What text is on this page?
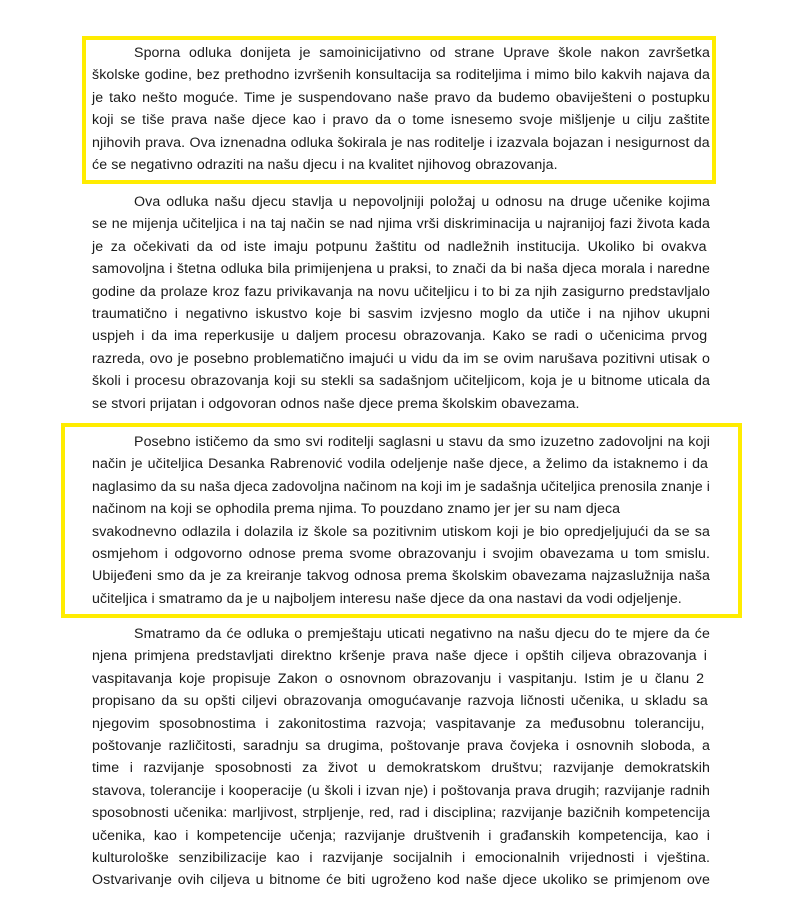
Sporna odluka donijeta je samoinicijativno od strane Uprave škole nakon završetka
školske godine, bez prethodno izvršenih konsultacija sa roditeljima i mimo bilo kakvih najava da
je tako nešto moguće. Time je suspendovano naše pravo da budemo obaviješteni o postupku
koji se tiše prava naše djece kao i pravo da o tome isnesemo svoje mišljenje u cilju zaštite
njihovih prava. Ova iznenadna odluka šokirala je nas roditelje i izazvala bojazan i nesigurnost da
će se negativno odraziti na našu djecu i na kvalitet njihovog obrazovanja.
Ova odluka našu djecu stavlja u nepovoljniji položaj u odnosu na druge učenike kojima
se ne mijenja učiteljica i na taj način se nad njima vrši diskriminacija u najranijoj fazi života kada
je za očekivati da od iste imaju potpunu žaštitu od nadležnih institucija. Ukoliko bi ovakva
samovoljna i štetna odluka bila primijenjena u praksi, to znači da bi naša djeca morala i naredne
godine da prolaze kroz fazu privikavanja na novu učiteljicu i to bi za njih zasigurno predstavljalo
traumatično i negativno iskustvo koje bi sasvim izvjesno moglo da utiče i na njihov ukupni
uspjeh i da ima reperkusije u daljem procesu obrazovanja. Kako se radi o učenicima prvog
razreda, ovo je posebno problematično imajući u vidu da im se ovim narušava pozitivni utisak o
školi i procesu obrazovanja koji su stekli sa sadašnjom učiteljicom, koja je u bitnome uticala da
se stvori prijatan i odgovoran odnos naše djece prema školskim obavezama.
Posebno ističemo da smo svi roditelji saglasni u stavu da smo izuzetno zadovoljni na koji
način je učiteljica Desanka Rabrenović vodila odeljenje naše djece, a želimo da istaknemo i da
naglasimo da su naša djeca zadovoljna načinom na koji im je sadašnja učiteljica prenosila znanje i
načinom na koji se ophodila prema njima. To pouzdano znamo jer jer su nam djeca
svakodnevno odlazila i dolazila iz škole sa pozitivnim utiskom koji je bio opredjeljujući da se sa
osmjehom i odgovorno odnose prema svome obrazovanju i svojim obavezama u tom smislu.
Ubijeđeni smo da je za kreiranje takvog odnosa prema školskim obavezama najzaslužnija naša
učiteljica i smatramo da je u najboljem interesu naše djece da ona nastavi da vodi odjeljenje.
Smatramo da će odluka o premještaju uticati negativno na našu djecu do te mjere da će
njena primjena predstavljati direktno kršenje prava naše djece i opštih ciljeva obrazovanja i
vaspitavanja koje propisuje Zakon o osnovnom obrazovanju i vaspitanju. Istim je u članu 2
propisano da su opšti ciljevi obrazovanja omogućavanje razvoja ličnosti učenika, u skladu sa
njegovim sposobnostima i zakonitostima razvoja; vaspitavanje za međusobnu toleranciju,
poštovanje različitosti, saradnju sa drugima, poštovanje prava čovjeka i osnovnih sloboda, a
time i razvijanje sposobnosti za život u demokratskom društvu; razvijanje demokratskih
stavova, tolerancije i kooperacije (u školi i izvan nje) i poštovanja prava drugih; razvijanje radnih
sposobnosti učenika: marljivost, strpljenje, red, rad i disciplina; razvijanje bazičnih kompetencija
učenika, kao i kompetencije učenja; razvijanje društvenih i građanskih kompetencija, kao i
kulturološke senzibilizacije kao i razvijanje socijalnih i emocionalnih vrijednosti i vještina.
Ostvarivanje ovih ciljeva u bitnome će biti ugroženo kod naše djece ukoliko se primjenom ove
